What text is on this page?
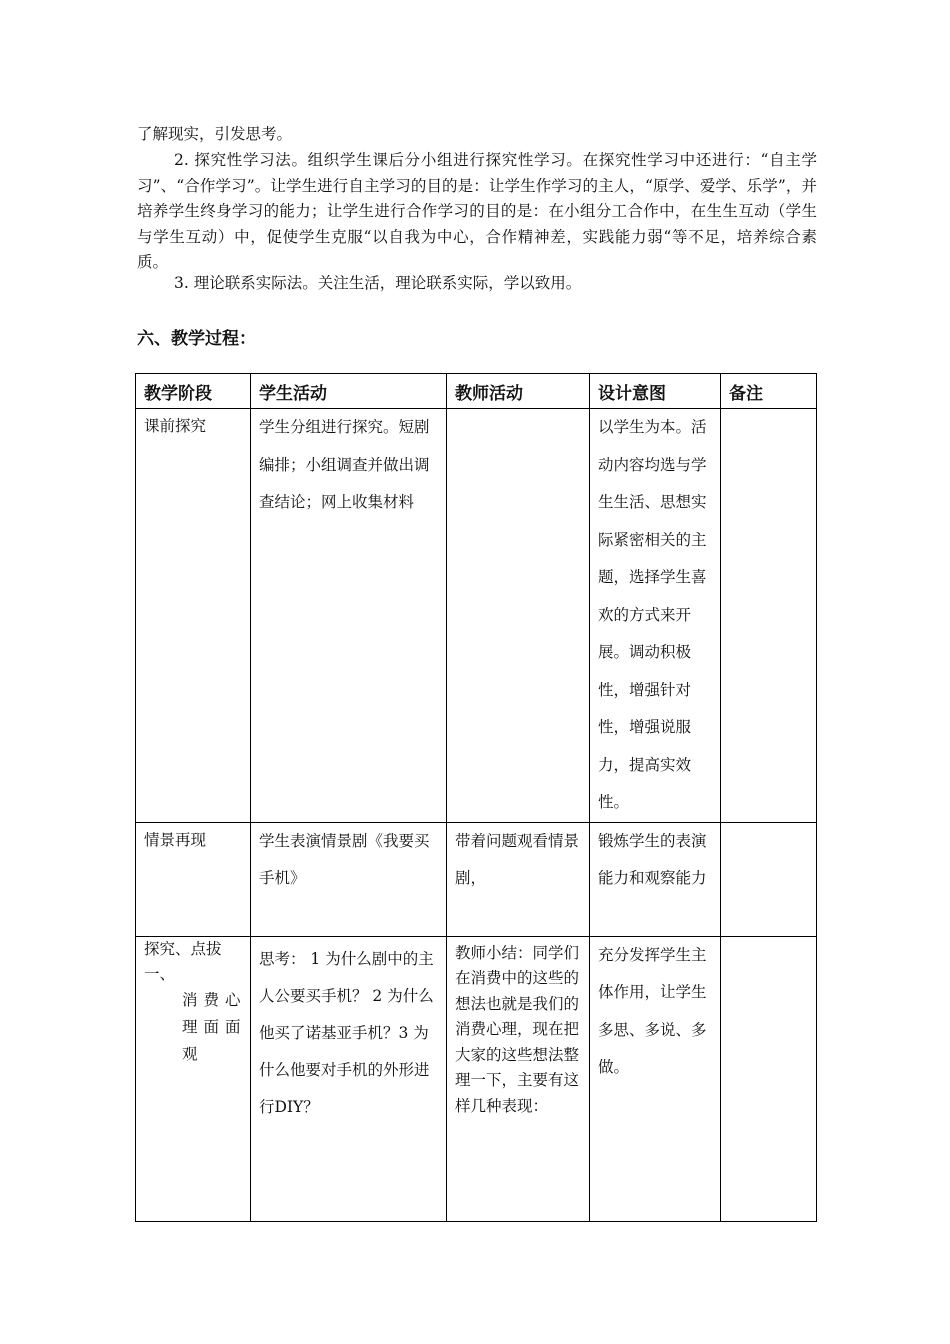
了解现实，引发思考。
2. 探究性学习法。组织学生课后分小组进行探究性学习。在探究性学习中还进行：“自主学习”、“合作学习”。让学生进行自主学习的目的是：让学生作学习的主人，“原学、爱学、乐学”，并培养学生终身学习的能力；让学生进行合作学习的目的是：在小组分工合作中，在生生互动（学生与学生互动）中，促使学生克服“以自我为中心，合作精神差，实践能力弱“等不足，培养综合素质。
3. 理论联系实际法。关注生活，理论联系实际，学以致用。
六、教学过程：
教学阶段	学生活动	教师活动	设计意图	备注
课前探究	学生分组进行探究。短剧编排；小组调查并做出调查结论；网上收集材料		以学生为本。活动内容均选与学生生活、思想实际紧密相关的主题，选择学生喜欢的方式来开展。调动积极性，增强针对性，增强说服力，提高实效性。	
情景再现	学生表演情景剧《我要买手机》	带着问题观看情景剧，	锻炼学生的表演能力和观察能力	

探究、点拔一、
消费心理面面观	思考： 1 为什么剧中的主人公要买手机？ 2 为什么他买了诺基亚手机？3 为什么他要对手机的外形进行DIY？	教师小结：同学们在消费中的这些的想法也就是我们的消费心理，现在把大家的这些想法整理一下，主要有这样几种表现：	充分发挥学生主体作用，让学生多思、多说、多做。	
